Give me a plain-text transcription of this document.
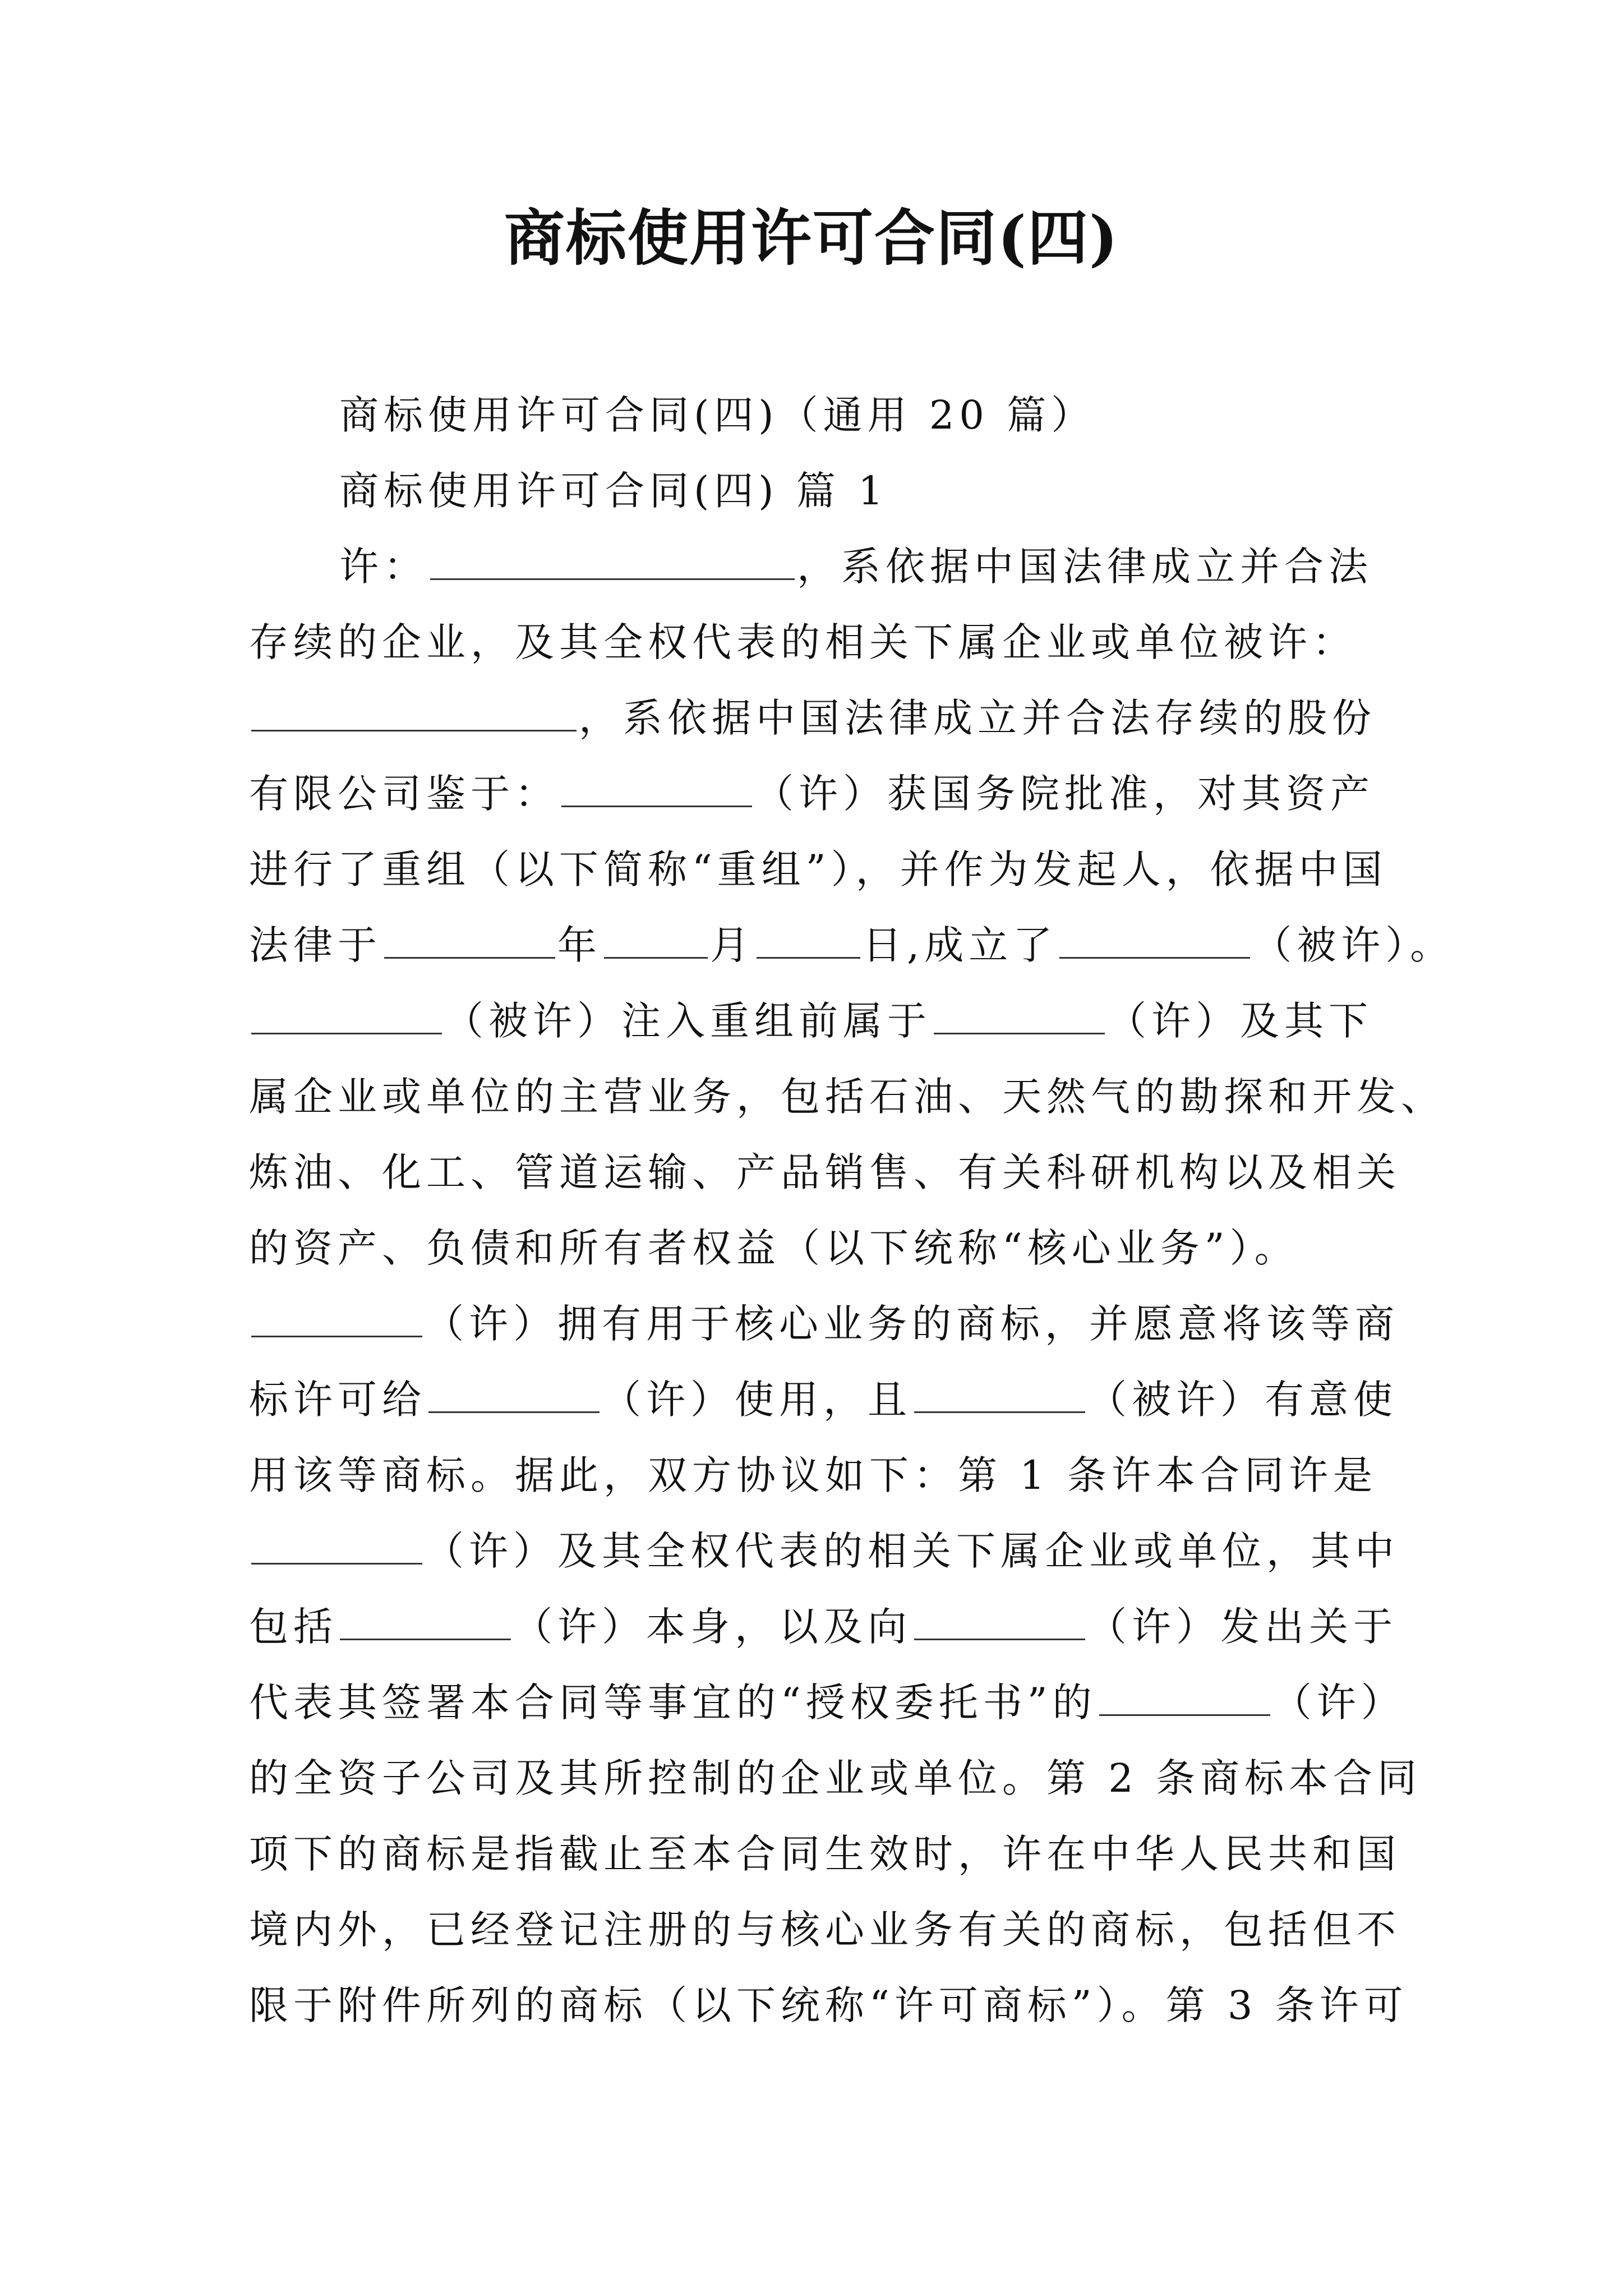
商标使用许可合同(四)
商标使用许可合同(四)（通用 20 篇）
商标使用许可合同(四) 篇 1
许：	，系依据中国法律成立并合法
存续的企业，及其全权代表的相关下属企业或单位被许：
，系依据中国法律成立并合法存续的股份
有限公司鉴于：	（许）获国务院批准，对其资产
进行了重组（以下简称“重组”），并作为发起人，依据中国
法律于	年	月	日,成立了	（被许）。
（被许）注入重组前属于	（许）及其下
属企业或单位的主营业务，包括石油、天然气的勘探和开发、
炼油、化工、管道运输、产品销售、有关科研机构以及相关
的资产、负债和所有者权益（以下统称“核心业务”）。
（许）拥有用于核心业务的商标，并愿意将该等商
标许可给	（许）使用，且	（被许）有意使
用该等商标。据此，双方协议如下：第 1 条许本合同许是
（许）及其全权代表的相关下属企业或单位，其中
包括	（许）本身，以及向	（许）发出关于
代表其签署本合同等事宜的“授权委托书”的	（许）
的全资子公司及其所控制的企业或单位。第 2 条商标本合同
项下的商标是指截止至本合同生效时，许在中华人民共和国
境内外，已经登记注册的与核心业务有关的商标，包括但不
限于附件所列的商标（以下统称“许可商标”）。第 3 条许可
